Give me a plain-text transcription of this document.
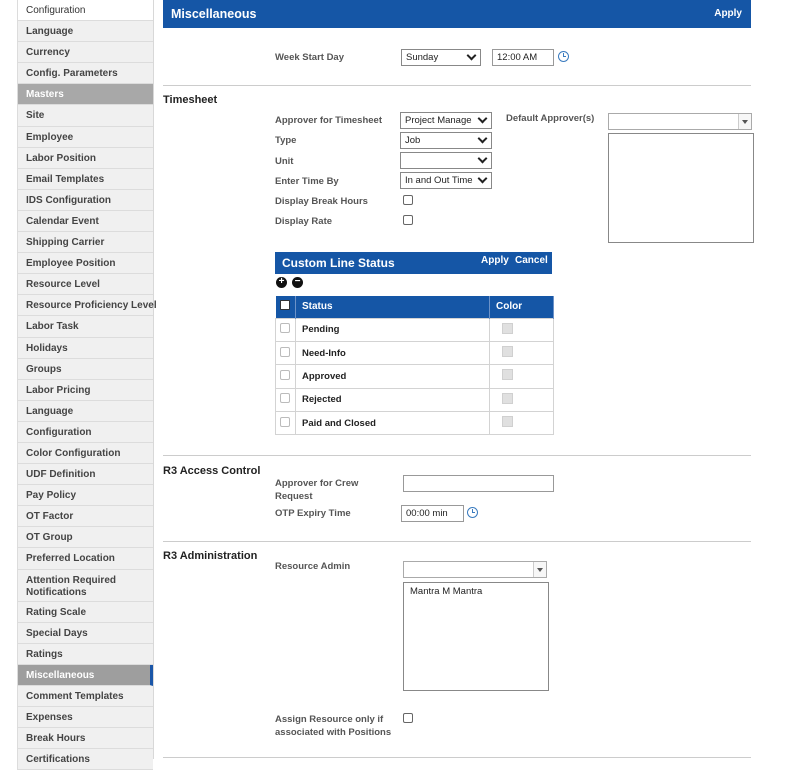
Configuration
Language
Currency
Config. Parameters
Masters
Site
Employee
Labor Position
Email Templates
IDS Configuration
Calendar Event
Shipping Carrier
Employee Position
Resource Level
Resource Proficiency Level
Labor Task
Holidays
Groups
Labor Pricing
Language
Configuration
Color Configuration
UDF Definition
Pay Policy
OT Factor
OT Group
Preferred Location
Attention Required Notifications
Rating Scale
Special Days
Ratings
Miscellaneous
Comment Templates
Expenses
Break Hours
Certifications
Miscellaneous	Apply
Week Start Day	Sunday	12:00 AM
Timesheet
Approver for Timesheet	Project Manage
Type	Job
Unit
Enter Time By	In and Out Time
Display Break Hours
Display Rate
Default Approver(s)
Custom Line Status	Apply Cancel
+ −
	Status	Color
	Pending	
	Need-Info	
	Approved	
	Rejected	
	Paid and Closed	
R3 Access Control
Approver for Crew Request
OTP Expiry Time	00:00 min
R3 Administration
Resource Admin
Mantra M Mantra
Assign Resource only if associated with Positions
